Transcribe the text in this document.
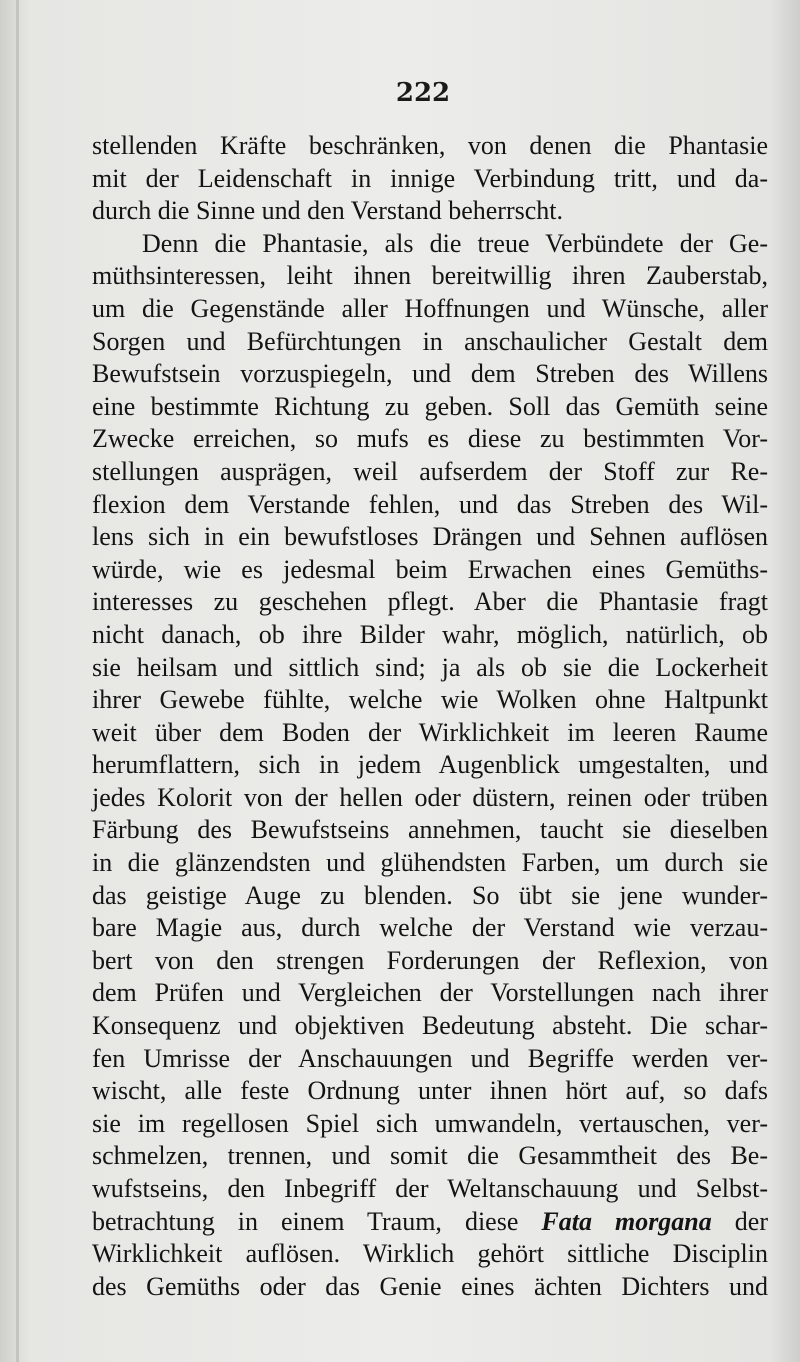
222

stellenden Kräfte beschränken, von denen die Phantasie
mit der Leidenschaft in innige Verbindung tritt, und da-
durch die Sinne und den Verstand beherrscht.
Denn die Phantasie, als die treue Verbündete der Ge-
müthsinteressen, leiht ihnen bereitwillig ihren Zauberstab,
um die Gegenstände aller Hoffnungen und Wünsche, aller
Sorgen und Befürchtungen in anschaulicher Gestalt dem
Bewufstsein vorzuspiegeln, und dem Streben des Willens
eine bestimmte Richtung zu geben. Soll das Gemüth seine
Zwecke erreichen, so mufs es diese zu bestimmten Vor-
stellungen ausprägen, weil aufserdem der Stoff zur Re-
flexion dem Verstande fehlen, und das Streben des Wil-
lens sich in ein bewufstloses Drängen und Sehnen auflösen
würde, wie es jedesmal beim Erwachen eines Gemüths-
interesses zu geschehen pflegt. Aber die Phantasie fragt
nicht danach, ob ihre Bilder wahr, möglich, natürlich, ob
sie heilsam und sittlich sind; ja als ob sie die Lockerheit
ihrer Gewebe fühlte, welche wie Wolken ohne Haltpunkt
weit über dem Boden der Wirklichkeit im leeren Raume
herumflattern, sich in jedem Augenblick umgestalten, und
jedes Kolorit von der hellen oder düstern, reinen oder trüben
Färbung des Bewufstseins annehmen, taucht sie dieselben
in die glänzendsten und glühendsten Farben, um durch sie
das geistige Auge zu blenden. So übt sie jene wunder-
bare Magie aus, durch welche der Verstand wie verzau-
bert von den strengen Forderungen der Reflexion, von
dem Prüfen und Vergleichen der Vorstellungen nach ihrer
Konsequenz und objektiven Bedeutung absteht. Die schar-
fen Umrisse der Anschauungen und Begriffe werden ver-
wischt, alle feste Ordnung unter ihnen hört auf, so dafs
sie im regellosen Spiel sich umwandeln, vertauschen, ver-
schmelzen, trennen, und somit die Gesammtheit des Be-
wufstseins, den Inbegriff der Weltanschauung und Selbst-
betrachtung in einem Traum, diese Fata morgana der
Wirklichkeit auflösen. Wirklich gehört sittliche Disciplin
des Gemüths oder das Genie eines ächten Dichters und
